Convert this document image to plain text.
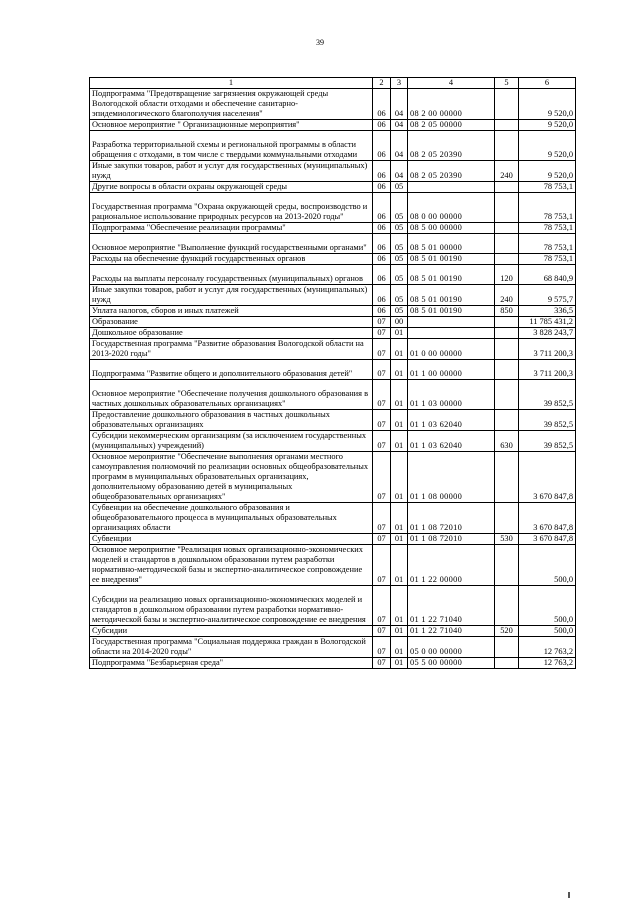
39
1	2	3	4	5	6
Подпрограмма "Предотвращение загрязнения окружающей среды Вологодской области отходами и обеспечение санитарно-эпидемиологического благополучия населения"	06	04	08 2 00 00000		9 520,0
Основное мероприятие " Организационные мероприятия"	06	04	08 2 05 00000		9 520,0
Разработка территориальной схемы и региональной программы в области обращения с отходами, в том числе с твердыми коммунальными отходами	06	04	08 2 05 20390		9 520,0
Иные закупки товаров, работ и услуг для государственных (муниципальных) нужд	06	04	08 2 05 20390	240	9 520,0
Другие вопросы в области охраны окружающей среды	06	05			78 753,1
Государственная программа "Охрана окружающей среды, воспроизводство и рациональное использование природных ресурсов на 2013-2020 годы"	06	05	08 0 00 00000		78 753,1
Подпрограмма "Обеспечение реализации программы"	06	05	08 5 00 00000		78 753,1
Основное мероприятие "Выполнение функций государственными органами"	06	05	08 5 01 00000		78 753,1
Расходы на обеспечение функций государственных органов	06	05	08 5 01 00190		78 753,1
Расходы на выплаты персоналу государственных (муниципальных) органов	06	05	08 5 01 00190	120	68 840,9
Иные закупки товаров, работ и услуг для государственных (муниципальных) нужд	06	05	08 5 01 00190	240	9 575,7
Уплата налогов, сборов и иных платежей	06	05	08 5 01 00190	850	336,5
Образование	07	00			11 785 431,2
Дошкольное образование	07	01			3 828 243,7
Государственная программа "Развитие образования Вологодской области на 2013-2020 годы"	07	01	01 0 00 00000		3 711 200,3
Подпрограмма "Развитие общего и дополнительного образования детей"	07	01	01 1 00 00000		3 711 200,3
Основное мероприятие "Обеспечение получения дошкольного образования в частных дошкольных образовательных организациях"	07	01	01 1 03 00000		39 852,5
Предоставление дошкольного образования в частных дошкольных образовательных организациях	07	01	01 1 03 62040		39 852,5
Субсидии некоммерческим организациям (за исключением государственных (муниципальных) учреждений)	07	01	01 1 03 62040	630	39 852,5
Основное мероприятие "Обеспечение выполнения органами местного самоуправления полномочий по реализации основных общеобразовательных программ в муниципальных образовательных организациях, дополнительному образованию детей в муниципальных общеобразовательных организациях"	07	01	01 1 08 00000		3 670 847,8
Субвенции на обеспечение дошкольного образования и общеобразовательного процесса в муниципальных образовательных организациях области	07	01	01 1 08 72010		3 670 847,8
Субвенции	07	01	01 1 08 72010	530	3 670 847,8
Основное мероприятие "Реализация новых организационно-экономических моделей и стандартов в дошкольном образовании путем разработки нормативно-методической базы и экспертно-аналитическое сопровождение ее внедрения"	07	01	01 1 22 00000		500,0
Субсидии на реализацию новых организационно-экономических моделей и стандартов в дошкольном образовании путем разработки нормативно-методической базы и экспертно-аналитическое сопровождение ее внедрения	07	01	01 1 22 71040		500,0
Субсидии	07	01	01 1 22 71040	520	500,0
Государственная программа "Социальная поддержка граждан в Вологодской области на 2014-2020 годы"	07	01	05 0 00 00000		12 763,2
Подпрограмма "Безбарьерная среда"	07	01	05 5 00 00000		12 763,2
